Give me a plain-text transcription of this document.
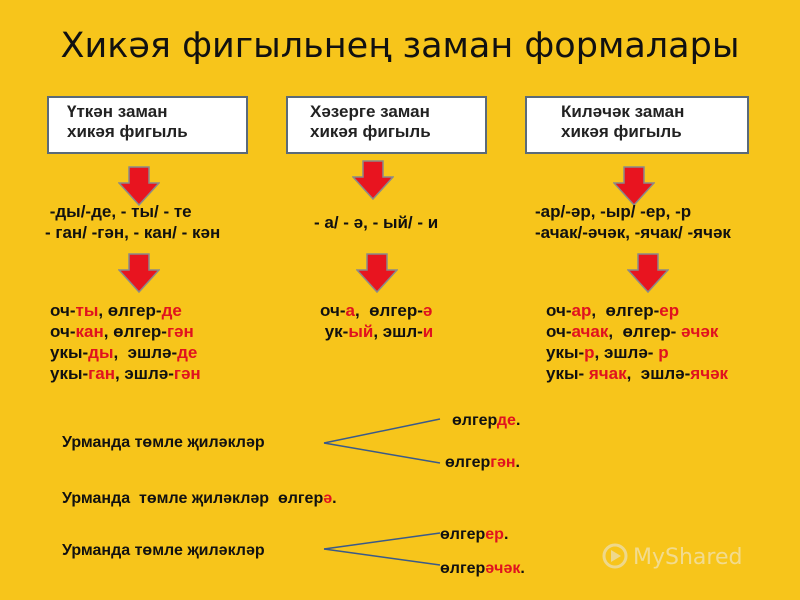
Хикәя фигыльнең заман формалары
Үткән заман
хикәя фигыль
Хәзерге заман
хикәя фигыль
Киләчәк заман
хикәя фигыль
-ды/-де, - ты/ - те
- ган/ -гән, - кан/ - кән
- а/ - ә, - ый/ - и
-ар/-әр, -ыр/ -ер, -р
-ачак/-әчәк, -ячак/ -ячәк
оч-ты, өлгер-де
оч-кан, өлгер-гән
укы-ды,  эшлә-де
укы-ган, эшлә-гән
оч-а,  өлгер-ә
ук-ый, эшл-и
оч-ар,  өлгер-ер
оч-ачак,  өлгер- әчәк
укы-р, эшлә- р
укы- ячак,  эшлә-ячәк
Урманда төмле җиләкләр
өлгерде.
өлгергән.
Урманда  төмле җиләкләр  өлгерә.
Урманда төмле җиләкләр
өлгерер.
өлгерәчәк.	MyShared
